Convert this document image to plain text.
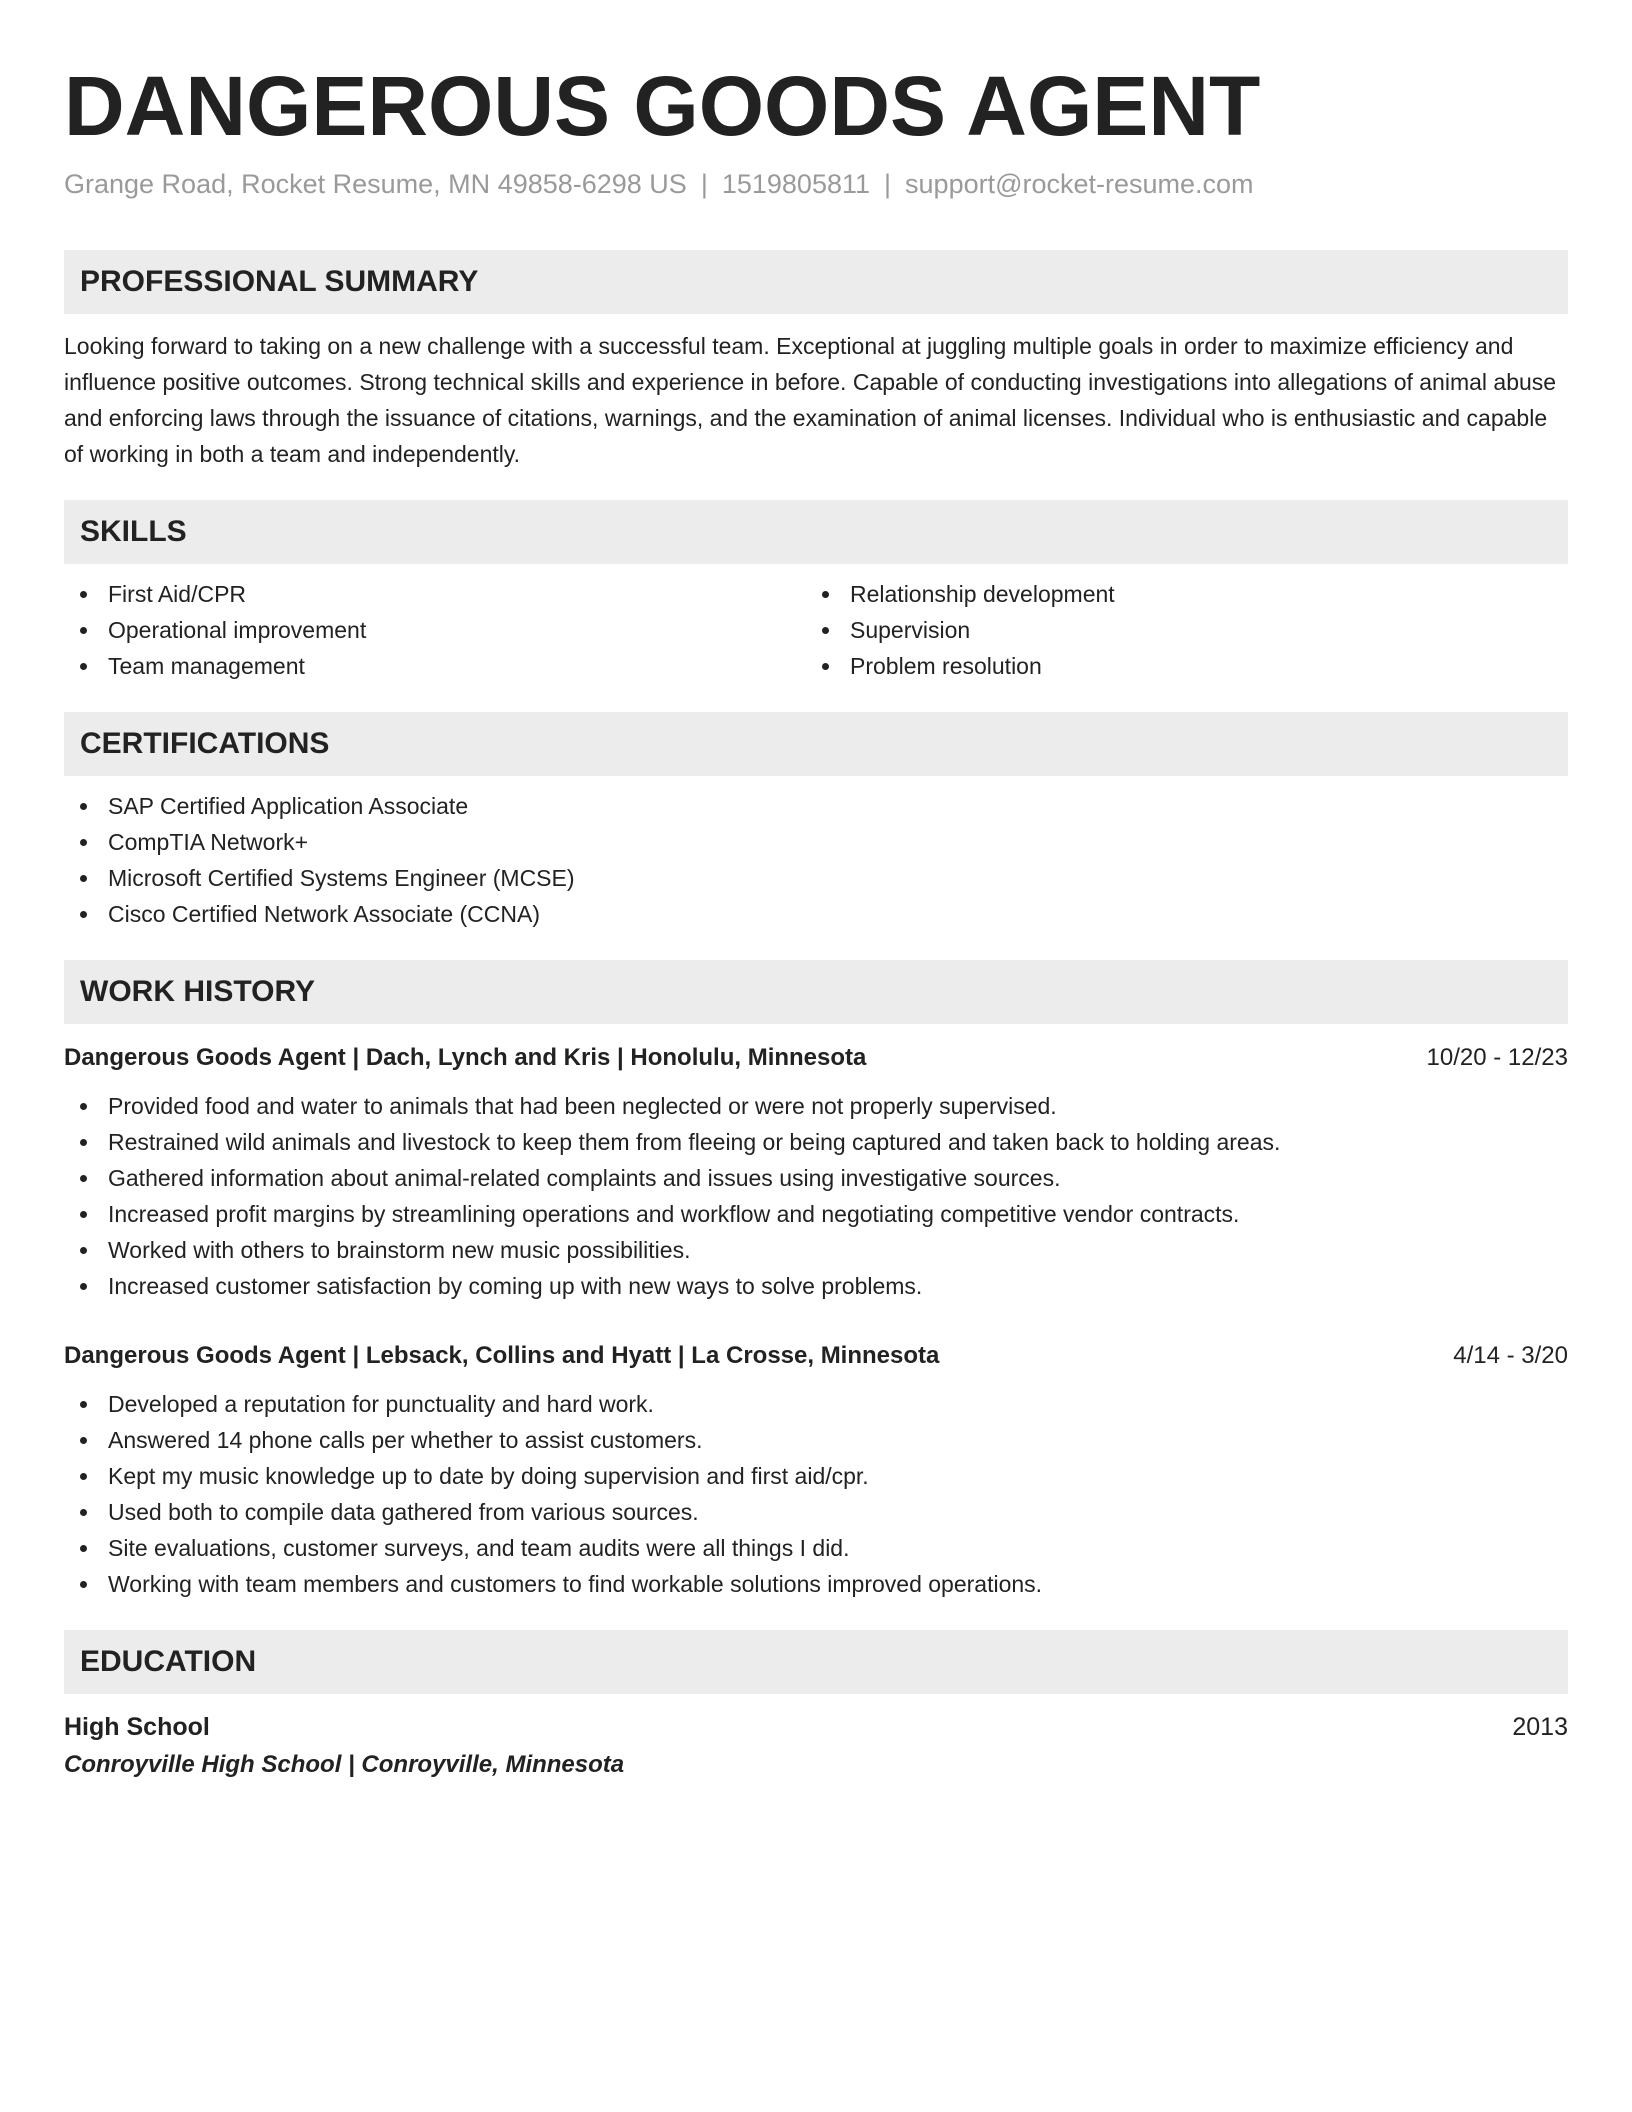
DANGEROUS GOODS AGENT
Grange Road, Rocket Resume, MN 49858-6298 US | 1519805811 | support@rocket-resume.com
PROFESSIONAL SUMMARY

Looking forward to taking on a new challenge with a successful team. Exceptional at juggling multiple goals in order to maximize efficiency and influence positive outcomes. Strong technical skills and experience in before. Capable of conducting investigations into allegations of animal abuse and enforcing laws through the issuance of citations, warnings, and the examination of animal licenses. Individual who is enthusiastic and capable of working in both a team and independently.

SKILLS
First Aid/CPR
Operational improvement
Team management
Relationship development
Supervision
Problem resolution
CERTIFICATIONS
SAP Certified Application Associate
CompTIA Network+
Microsoft Certified Systems Engineer (MCSE)
Cisco Certified Network Associate (CCNA)
WORK HISTORY
Dangerous Goods Agent | Dach, Lynch and Kris | Honolulu, Minnesota	10/20 - 12/23
Provided food and water to animals that had been neglected or were not properly supervised.
Restrained wild animals and livestock to keep them from fleeing or being captured and taken back to holding areas.
Gathered information about animal-related complaints and issues using investigative sources.
Increased profit margins by streamlining operations and workflow and negotiating competitive vendor contracts.
Worked with others to brainstorm new music possibilities.
Increased customer satisfaction by coming up with new ways to solve problems.
Dangerous Goods Agent | Lebsack, Collins and Hyatt | La Crosse, Minnesota	4/14 - 3/20
Developed a reputation for punctuality and hard work.
Answered 14 phone calls per whether to assist customers.
Kept my music knowledge up to date by doing supervision and first aid/cpr.
Used both to compile data gathered from various sources.
Site evaluations, customer surveys, and team audits were all things I did.
Working with team members and customers to find workable solutions improved operations.
EDUCATION
High School	2013
Conroyville High School | Conroyville, Minnesota
